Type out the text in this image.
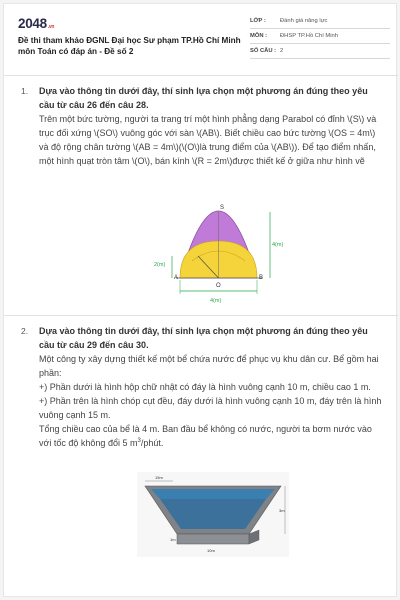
2048.vn
Đề thi tham khảo ĐGNL Đại học Sư phạm TP.Hồ Chí Minh môn Toán có đáp án - Đề số 2
LỚP :	Đánh giá năng lực
MÔN :	ĐHSP TP.Hồ Chí Minh
SỐ CÂU : 2
1. Dựa vào thông tin dưới đây, thí sinh lựa chọn một phương án đúng theo yêu cầu từ câu 26 đến câu 28.

Trên một bức tường, người ta trang trí một hình phẳng dạng Parabol có đỉnh \(S\) và trục đối xứng \(SO\) vuông góc với sàn \(AB\). Biết chiều cao bức tường \(OS = 4m\) và độ rộng chân tường \(AB = 4m\)(\(O\)là trung điểm của \(AB\)). Để tạo điểm nhấn, một hình quạt tròn tâm \(O\), bán kính \(R = 2m\)được thiết kế ở giữa như hình vẽ

S
A	B
O
4(m)
2(m)
4(m)
2. Dựa vào thông tin dưới đây, thí sinh lựa chọn một phương án đúng theo yêu cầu từ câu 29 đến câu 30.

Một công ty xây dựng thiết kế một bể chứa nước để phục vụ khu dân cư. Bể gồm hai phần:

+) Phần dưới là hình hộp chữ nhật có đáy là hình vuông cạnh 10 m, chiều cao 1 m.

+) Phần trên là hình chóp cụt đều, đáy dưới là hình vuông cạnh 10 m, đáy trên là hình vuông cạnh 15 m.

Tổng chiều cao của bể là 4 m. Ban đầu bể không có nước, người ta bơm nước vào với tốc độ không đổi 5 $m^3$/phút.

15m
3m
1m
10m
